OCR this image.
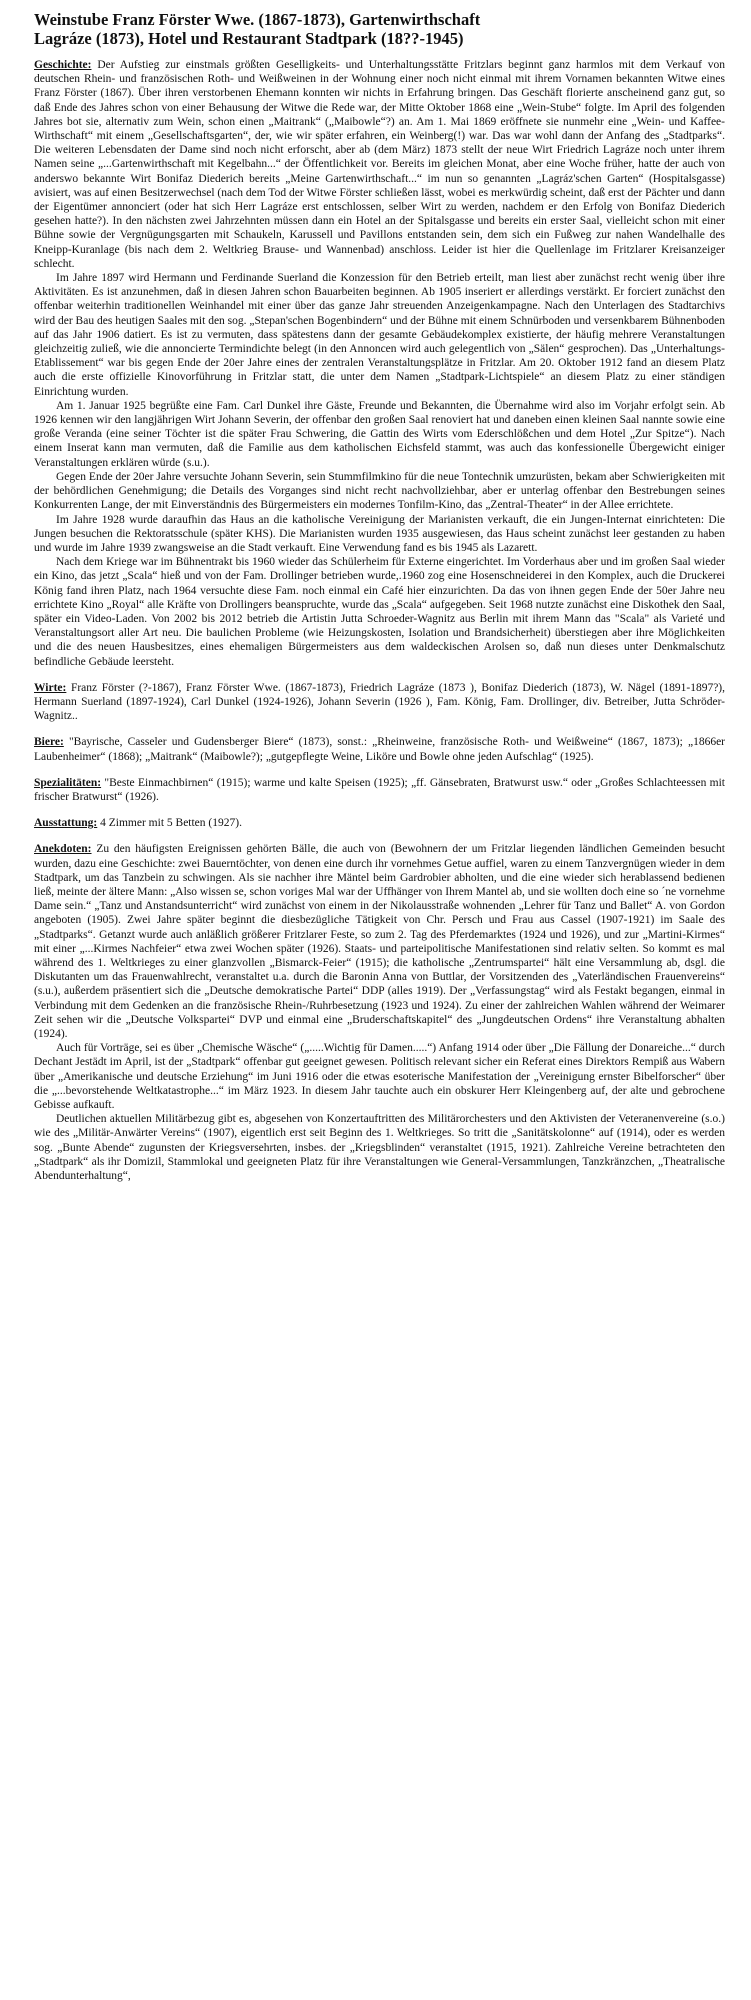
Weinstube Franz Förster Wwe. (1867-1873), Gartenwirthschaft Lagráze (1873), Hotel und Restaurant Stadtpark (18??-1945)

Geschichte: Der Aufstieg zur einstmals größten Geselligkeits- und Unterhaltungsstätte Fritzlars beginnt ganz harmlos mit dem Verkauf von deutschen Rhein- und französischen Roth- und Weißweinen in der Wohnung einer noch nicht einmal mit ihrem Vornamen bekannten Witwe eines Franz Förster (1867). Über ihren verstorbenen Ehemann konnten wir nichts in Erfahrung bringen. Das Geschäft florierte anscheinend ganz gut, so daß Ende des Jahres schon von einer Behausung der Witwe die Rede war, der Mitte Oktober 1868 eine „Wein-Stube“ folgte. Im April des folgenden Jahres bot sie, alternativ zum Wein, schon einen „Maitrank“ („Maibowle“?) an. Am 1. Mai 1869 eröffnete sie nunmehr eine „Wein- und Kaffee- Wirthschaft“ mit einem „Gesellschaftsgarten“, der, wie wir später erfahren, ein Weinberg(!) war. Das war wohl dann der Anfang des „Stadtparks“. Die weiteren Lebensdaten der Dame sind noch nicht erforscht, aber ab (dem März) 1873 stellt der neue Wirt Friedrich Lagráze noch unter ihrem Namen seine „...Gartenwirthschaft mit Kegelbahn...“ der Öffentlichkeit vor. Bereits im gleichen Monat, aber eine Woche früher, hatte der auch von anderswo bekannte Wirt Bonifaz Diederich bereits „Meine Gartenwirthschaft...“ im nun so genannten „Lagráz'schen Garten“ (Hospitalsgasse) avisiert, was auf einen Besitzerwechsel (nach dem Tod der Witwe Förster schließen lässt, wobei es merkwürdig scheint, daß erst der Pächter und dann der Eigentümer annonciert (oder hat sich Herr Lagráze erst entschlossen, selber Wirt zu werden, nachdem er den Erfolg von Bonifaz Diederich gesehen hatte?). In den nächsten zwei Jahrzehnten müssen dann ein Hotel an der Spitalsgasse und bereits ein erster Saal, vielleicht schon mit einer Bühne sowie der Vergnügungsgarten mit Schaukeln, Karussell und Pavillons entstanden sein, dem sich ein Fußweg zur nahen Wandelhalle des Kneipp-Kuranlage (bis nach dem 2. Weltkrieg Brause- und Wannenbad) anschloss. Leider ist hier die Quellenlage im Fritzlarer Kreisanzeiger schlecht.

Im Jahre 1897 wird Hermann und Ferdinande Suerland die Konzession für den Betrieb erteilt, man liest aber zunächst recht wenig über ihre Aktivitäten. Es ist anzunehmen, daß in diesen Jahren schon Bauarbeiten beginnen. Ab 1905 inseriert er allerdings verstärkt. Er forciert zunächst den offenbar weiterhin traditionellen Weinhandel mit einer über das ganze Jahr streuenden Anzeigenkampagne. Nach den Unterlagen des Stadtarchivs wird der Bau des heutigen Saales mit den sog. „Stepan'schen Bogenbindern“ und der Bühne mit einem Schnürboden und versenkbarem Bühnenboden auf das Jahr 1906 datiert. Es ist zu vermuten, dass spätestens dann der gesamte Gebäudekomplex existierte, der häufig mehrere Veranstaltungen gleichzeitig zuließ, wie die annoncierte Termindichte belegt (in den Annoncen wird auch gelegentlich von „Sälen“ gesprochen). Das „Unterhaltungs-Etablissement“ war bis gegen Ende der 20er Jahre eines der zentralen Veranstaltungsplätze in Fritzlar. Am 20. Oktober 1912 fand an diesem Platz auch die erste offizielle Kinovorführung in Fritzlar statt, die unter dem Namen „Stadtpark-Lichtspiele“ an diesem Platz zu einer ständigen Einrichtung wurden.

Am 1. Januar 1925 begrüßte eine Fam. Carl Dunkel ihre Gäste, Freunde und Bekannten, die Übernahme wird also im Vorjahr erfolgt sein. Ab 1926 kennen wir den langjährigen Wirt Johann Severin, der offenbar den großen Saal renoviert hat und daneben einen kleinen Saal nannte sowie eine große Veranda (eine seiner Töchter ist die später Frau Schwering, die Gattin des Wirts vom Ederschlößchen und dem Hotel „Zur Spitze“). Nach einem Inserat kann man vermuten, daß die Familie aus dem katholischen Eichsfeld stammt, was auch das konfessionelle Übergewicht einiger Veranstaltungen erklären würde (s.u.).

Gegen Ende der 20er Jahre versuchte Johann Severin, sein Stummfilmkino für die neue Tontechnik umzurüsten, bekam aber Schwierigkeiten mit der behördlichen Genehmigung; die Details des Vorganges sind nicht recht nachvollziehbar, aber er unterlag offenbar den Bestrebungen seines Konkurrenten Lange, der mit Einverständnis des Bürgermeisters ein modernes Tonfilm-Kino, das „Zentral-Theater“ in der Allee errichtete.

Im Jahre 1928 wurde daraufhin das Haus an die katholische Vereinigung der Marianisten verkauft, die ein Jungen-Internat einrichteten: Die Jungen besuchen die Rektoratsschule (später KHS). Die Marianisten wurden 1935 ausgewiesen, das Haus scheint zunächst leer gestanden zu haben und wurde im Jahre 1939 zwangsweise an die Stadt verkauft. Eine Verwendung fand es bis 1945 als Lazarett.

Nach dem Kriege war im Bühnentrakt bis 1960 wieder das Schülerheim für Externe eingerichtet. Im Vorderhaus aber und im großen Saal wieder ein Kino, das jetzt „Scala“ hieß und von der Fam. Drollinger betrieben wurde,.1960 zog eine Hosenschneiderei in den Komplex, auch die Druckerei König fand ihren Platz, nach 1964 versuchte diese Fam. noch einmal ein Café hier einzurichten. Da das von ihnen gegen Ende der 50er Jahre neu errichtete Kino „Royal“ alle Kräfte von Drollingers beanspruchte, wurde das „Scala“ aufgegeben. Seit 1968 nutzte zunächst eine Diskothek den Saal, später ein Video-Laden. Von 2002 bis 2012 betrieb die Artistin Jutta Schroeder-Wagnitz aus Berlin mit ihrem Mann das "Scala" als Varieté und Veranstaltungsort aller Art neu. Die baulichen Probleme (wie Heizungskosten, Isolation und Brandsicherheit) überstiegen aber ihre Möglichkeiten und die des neuen Hausbesitzes, eines ehemaligen Bürgermeisters aus dem waldeckischen Arolsen so, daß nun dieses unter Denkmalschutz befindliche Gebäude leersteht.

Wirte: Franz Förster (?-1867), Franz Förster Wwe. (1867-1873), Friedrich Lagráze (1873 ), Bonifaz Diederich (1873), W. Nägel (1891-1897?), Hermann Suerland (1897-1924), Carl Dunkel (1924-1926), Johann Severin (1926 ), Fam. König, Fam. Drollinger, div. Betreiber, Jutta Schröder-Wagnitz..

Biere: "Bayrische, Casseler und Gudensberger Biere“ (1873), sonst.: „Rheinweine, französische Roth- und Weißweine“ (1867, 1873); „1866er Laubenheimer“ (1868); „Maitrank“ (Maibowle?); „gutgepflegte Weine, Liköre und Bowle ohne jeden Aufschlag“ (1925).

Spezialitäten: "Beste Einmachbirnen“ (1915); warme und kalte Speisen (1925); „ff. Gänsebraten, Bratwurst usw.“ oder „Großes Schlachteessen mit frischer Bratwurst“ (1926).

Ausstattung: 4 Zimmer mit 5 Betten (1927).

Anekdoten: Zu den häufigsten Ereignissen gehörten Bälle, die auch von (Bewohnern der um Fritzlar liegenden ländlichen Gemeinden besucht wurden, dazu eine Geschichte: zwei Bauerntöchter, von denen eine durch ihr vornehmes Getue auffiel, waren zu einem Tanzvergnügen wieder in dem Stadtpark, um das Tanzbein zu schwingen. Als sie nachher ihre Mäntel beim Gardrobier abholten, und die eine wieder sich herablassend bedienen ließ, meinte der ältere Mann: „Also wissen se, schon voriges Mal war der Uffhänger von Ihrem Mantel ab, und sie wollten doch eine so ´ne vornehme Dame sein.“ „Tanz und Anstandsunterricht“ wird zunächst von einem in der Nikolausstraße wohnenden „Lehrer für Tanz und Ballet“ A. von Gordon angeboten (1905). Zwei Jahre später beginnt die diesbezügliche Tätigkeit von Chr. Persch und Frau aus Cassel (1907-1921) im Saale des „Stadtparks“. Getanzt wurde auch anläßlich größerer Fritzlarer Feste, so zum 2. Tag des Pferdemarktes (1924 und 1926), und zur „Martini-Kirmes“ mit einer „...Kirmes Nachfeier“ etwa zwei Wochen später (1926). Staats- und parteipolitische Manifestationen sind relativ selten. So kommt es mal während des 1. Weltkrieges zu einer glanzvollen „Bismarck-Feier“ (1915); die katholische „Zentrumspartei“ hält eine Versammlung ab, dsgl. die Diskutanten um das Frauenwahlrecht, veranstaltet u.a. durch die Baronin Anna von Buttlar, der Vorsitzenden des „Vaterländischen Frauenvereins“ (s.u.), außerdem präsentiert sich die „Deutsche demokratische Partei“ DDP (alles 1919). Der „Verfassungstag“ wird als Festakt begangen, einmal in Verbindung mit dem Gedenken an die französische Rhein-/Ruhrbesetzung (1923 und 1924). Zu einer der zahlreichen Wahlen während der Weimarer Zeit sehen wir die „Deutsche Volkspartei“ DVP und einmal eine „Bruderschaftskapitel“ des „Jungdeutschen Ordens“ ihre Veranstaltung abhalten (1924).

Auch für Vorträge, sei es über „Chemische Wäsche“ („.....Wichtig für Damen.....“) Anfang 1914 oder über „Die Fällung der Donareiche...“ durch Dechant Jestädt im April, ist der „Stadtpark“ offenbar gut geeignet gewesen. Politisch relevant sicher ein Referat eines Direktors Rempiß aus Wabern über „Amerikanische und deutsche Erziehung“ im Juni 1916 oder die etwas esoterische Manifestation der „Vereinigung ernster Bibelforscher“ über die „...bevorstehende Weltkatastrophe...“ im März 1923. In diesem Jahr tauchte auch ein obskurer Herr Kleingenberg auf, der alte und gebrochene Gebisse aufkauft.

Deutlichen aktuellen Militärbezug gibt es, abgesehen von Konzertauftritten des Militärorchesters und den Aktivisten der Veteranenvereine (s.o.) wie des „Militär-Anwärter Vereins“ (1907), eigentlich erst seit Beginn des 1. Weltkrieges. So tritt die „Sanitätskolonne“ auf (1914), oder es werden sog. „Bunte Abende“ zugunsten der Kriegsversehrten, insbes. der „Kriegsblinden“ veranstaltet (1915, 1921). Zahlreiche Vereine betrachteten den „Stadtpark“ als ihr Domizil, Stammlokal und geeigneten Platz für ihre Veranstaltungen wie General-Versammlungen, Tanzkränzchen, „Theatralische Abendunterhaltung“,
